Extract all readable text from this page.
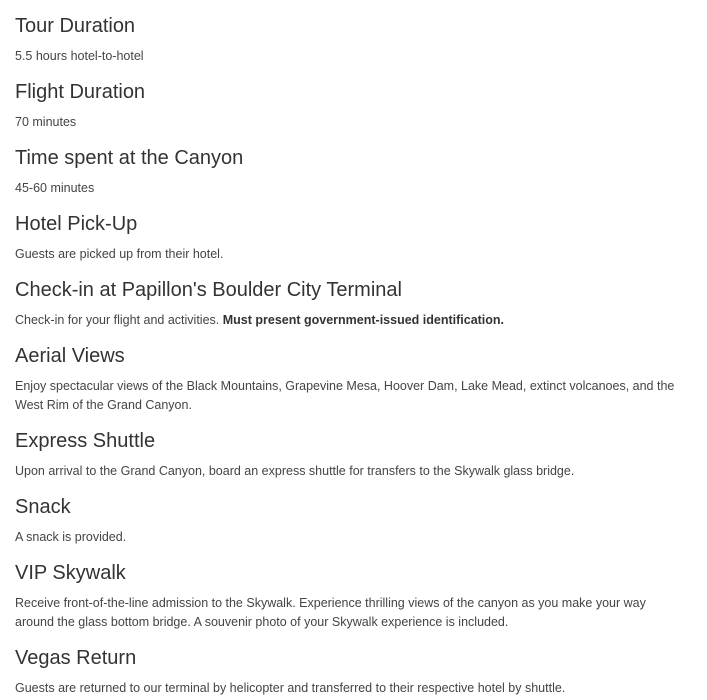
Tour Duration

5.5 hours hotel-to-hotel

Flight Duration

70 minutes

Time spent at the Canyon

45-60 minutes

Hotel Pick-Up

Guests are picked up from their hotel.

Check-in at Papillon's Boulder City Terminal

Check-in for your flight and activities. Must present government-issued identification.

Aerial Views

Enjoy spectacular views of the Black Mountains, Grapevine Mesa, Hoover Dam, Lake Mead, extinct volcanoes, and the West Rim of the Grand Canyon.

Express Shuttle

Upon arrival to the Grand Canyon, board an express shuttle for transfers to the Skywalk glass bridge.

Snack

A snack is provided.

VIP Skywalk

Receive front-of-the-line admission to the Skywalk. Experience thrilling views of the canyon as you make your way around the glass bottom bridge. A souvenir photo of your Skywalk experience is included.

Vegas Return

Guests are returned to our terminal by helicopter and transferred to their respective hotel by shuttle.
